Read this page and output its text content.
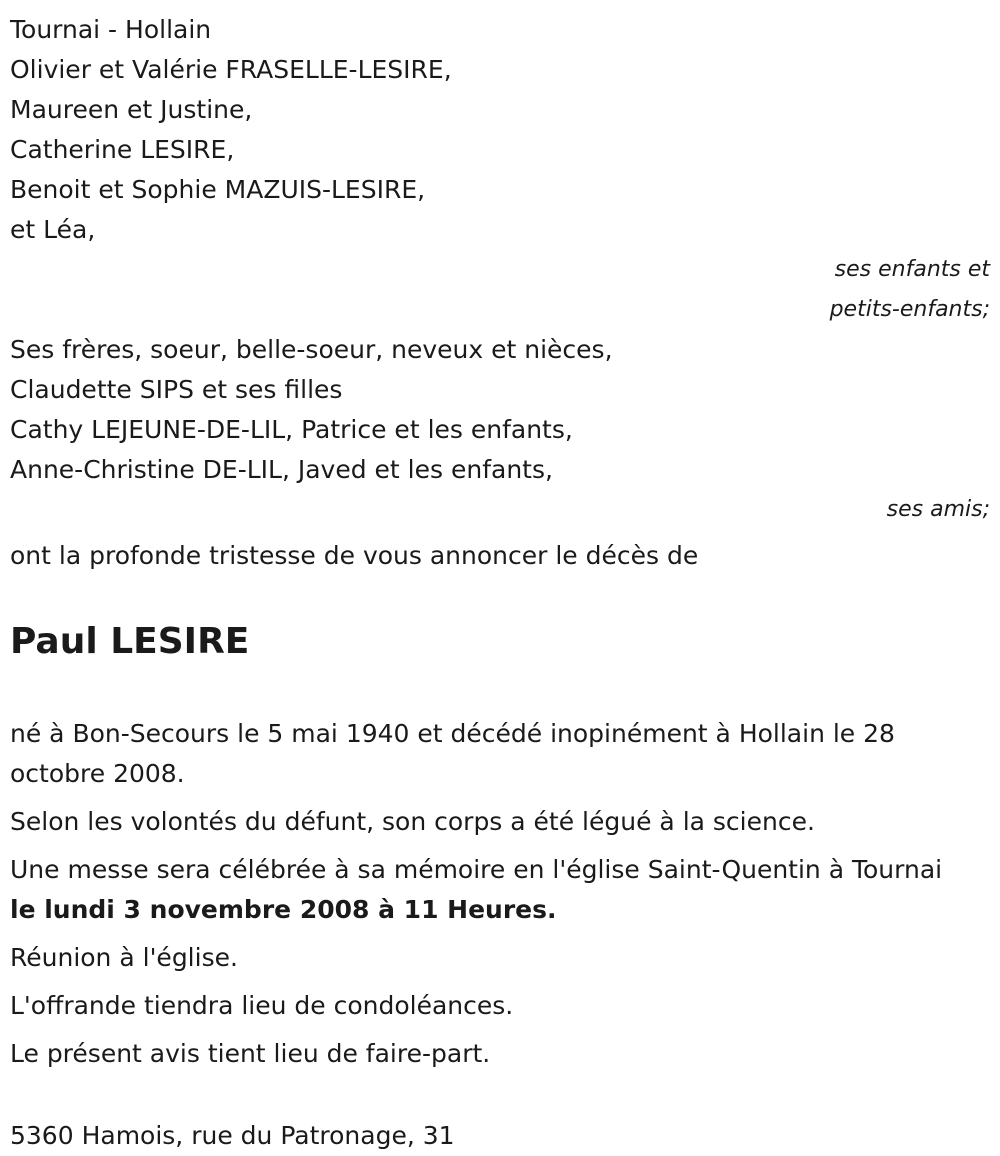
Tournai - Hollain
Olivier et Valérie FRASELLE-LESIRE,
Maureen et Justine,
Catherine LESIRE,
Benoit et Sophie MAZUIS-LESIRE,
et Léa,
ses enfants et
petits-enfants;
Ses frères, soeur, belle-soeur, neveux et nièces,
Claudette SIPS et ses filles
Cathy LEJEUNE-DE-LIL, Patrice et les enfants,
Anne-Christine DE-LIL, Javed et les enfants,
ses amis;
ont la profonde tristesse de vous annoncer le décès de
Paul LESIRE
né à Bon-Secours le 5 mai 1940 et décédé inopinément à Hollain le 28 octobre 2008.
Selon les volontés du défunt, son corps a été légué à la science.
Une messe sera célébrée à sa mémoire en l'église Saint-Quentin à Tournai le lundi 3 novembre 2008 à 11 Heures.
Réunion à l'église.
L'offrande tiendra lieu de condoléances.
Le présent avis tient lieu de faire-part.
5360 Hamois, rue du Patronage, 31
